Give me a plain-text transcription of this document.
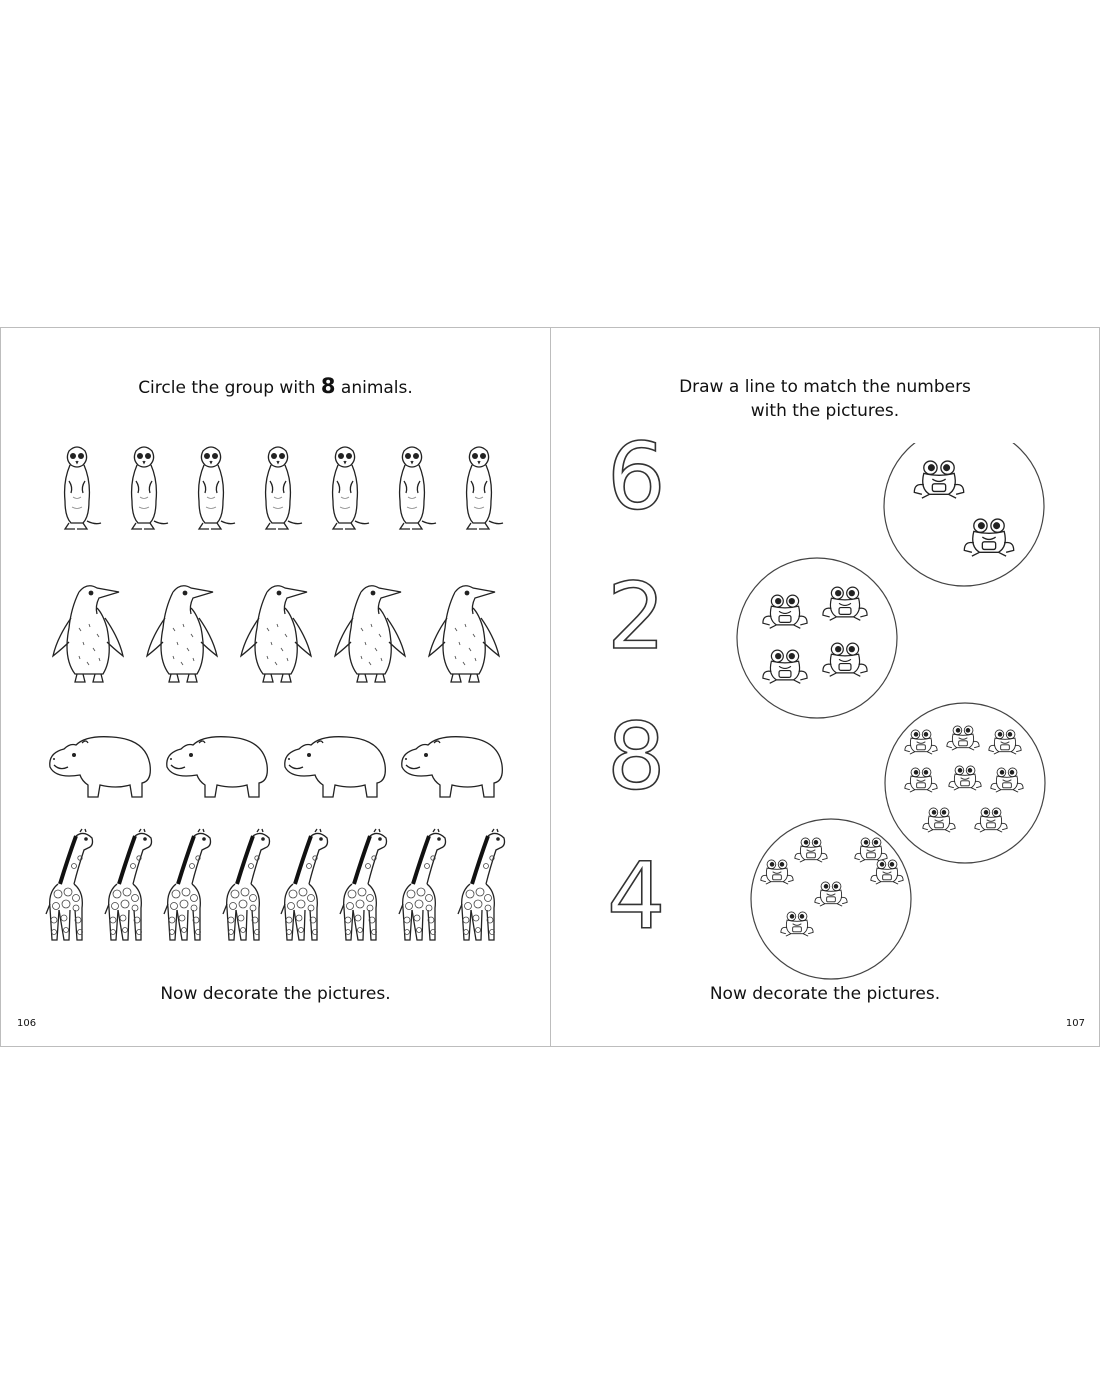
Circle the group with 8 animals.
Now decorate the pictures.
106
Draw a line to match the numbers
with the pictures.
6
2
8
4
Now decorate the pictures.
107
